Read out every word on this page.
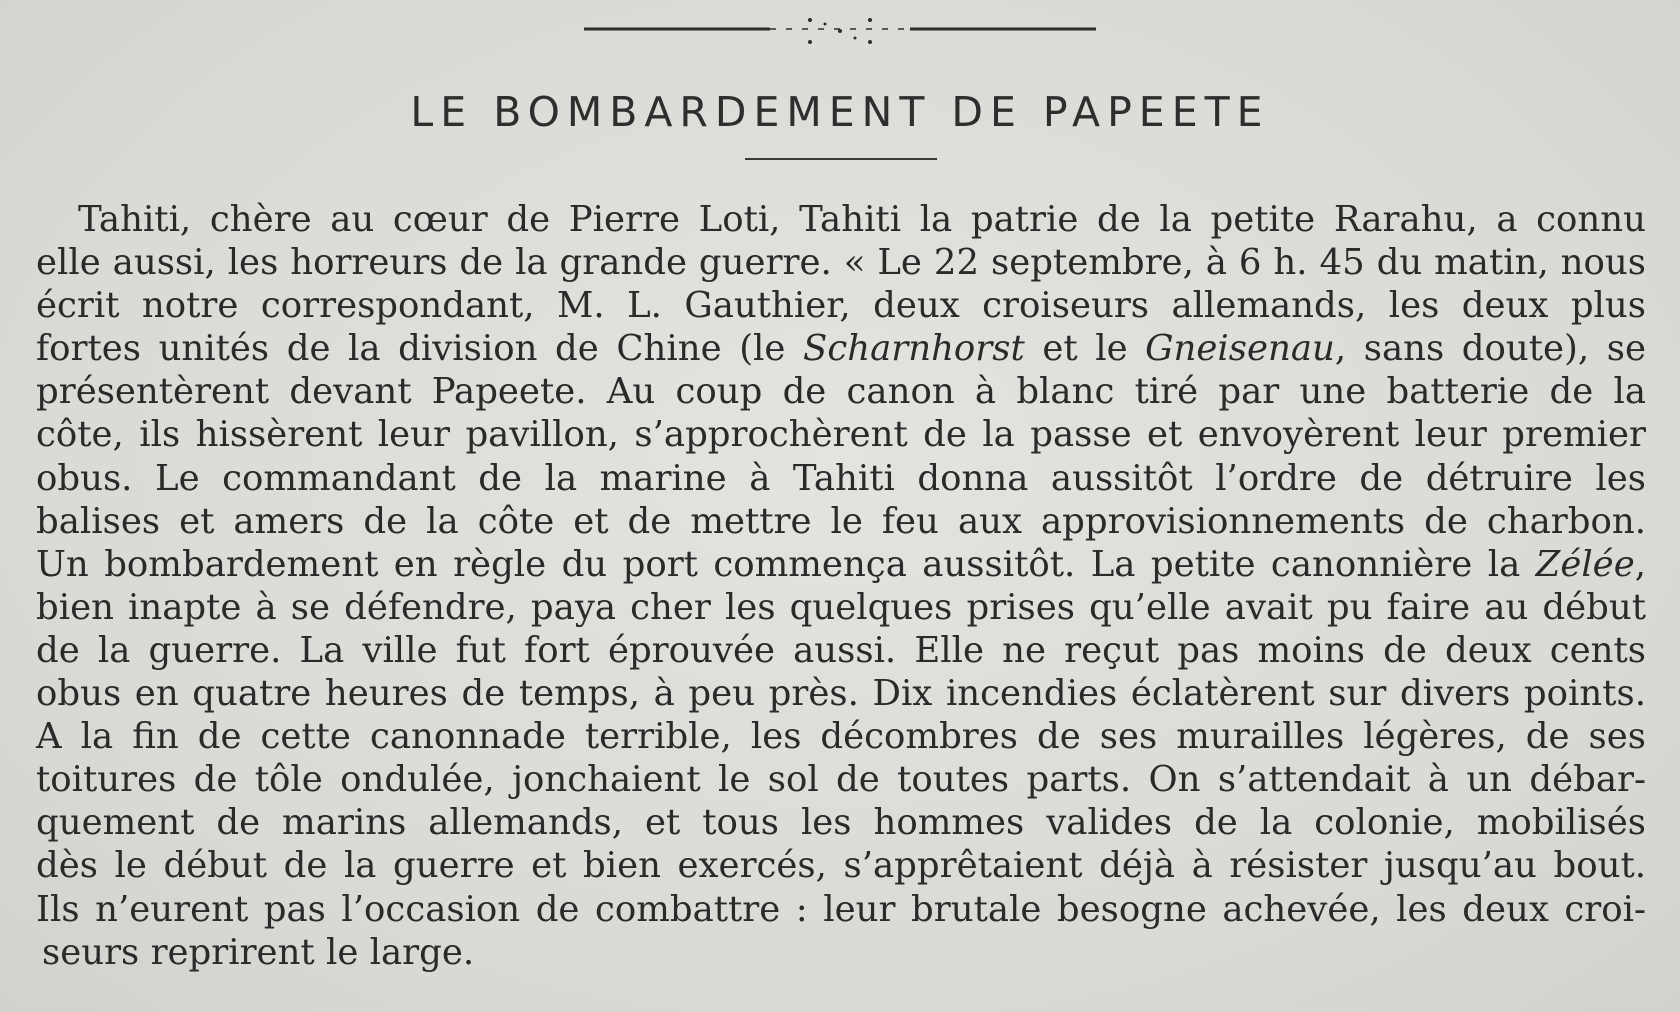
LE BOMBARDEMENT DE PAPEETE
Tahiti, chère au cœur de Pierre Loti, Tahiti la patrie de la petite Rarahu, a connu
elle aussi, les horreurs de la grande guerre. « Le 22 septembre, à 6 h. 45 du matin, nous
écrit notre correspondant, M. L. Gauthier, deux croiseurs allemands, les deux plus
fortes unités de la division de Chine (le Scharnhorst et le Gneisenau, sans doute), se
présentèrent devant Papeete. Au coup de canon à blanc tiré par une batterie de la
côte, ils hissèrent leur pavillon, s’approchèrent de la passe et envoyèrent leur premier
obus. Le commandant de la marine à Tahiti donna aussitôt l’ordre de détruire les
balises et amers de la côte et de mettre le feu aux approvisionnements de charbon.
Un bombardement en règle du port commença aussitôt. La petite canonnière la Zélée,
bien inapte à se défendre, paya cher les quelques prises qu’elle avait pu faire au début
de la guerre. La ville fut fort éprouvée aussi. Elle ne reçut pas moins de deux cents
obus en quatre heures de temps, à peu près. Dix incendies éclatèrent sur divers points.
A la fin de cette canonnade terrible, les décombres de ses murailles légères, de ses
toitures de tôle ondulée, jonchaient le sol de toutes parts. On s’attendait à un débar-
quement de marins allemands, et tous les hommes valides de la colonie, mobilisés
dès le début de la guerre et bien exercés, s’apprêtaient déjà à résister jusqu’au bout.
Ils n’eurent pas l’occasion de combattre : leur brutale besogne achevée, les deux croi-
seurs reprirent le large.
